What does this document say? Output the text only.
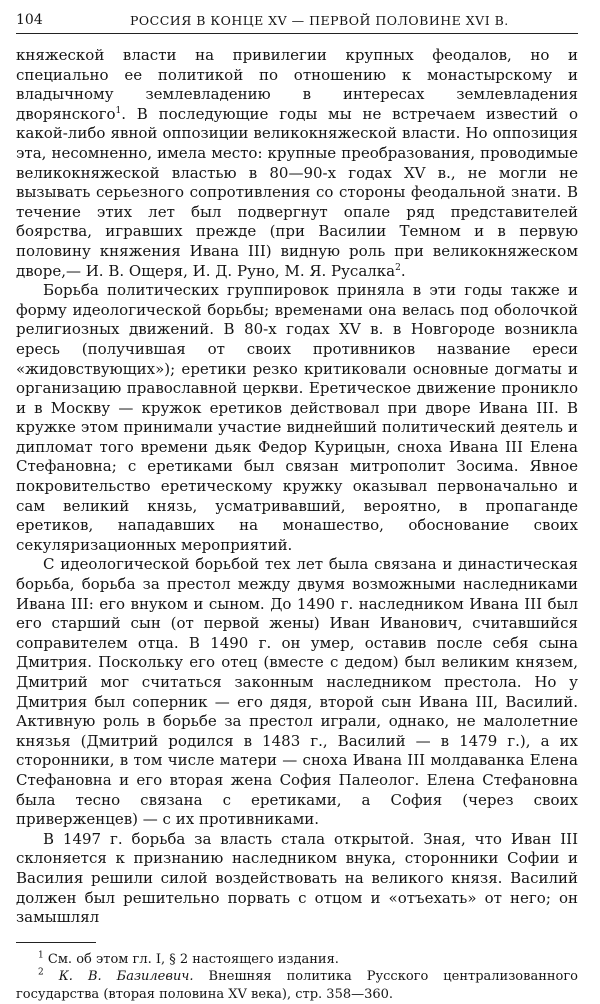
104	РОССИЯ В КОНЦЕ XV — ПЕРВОЙ ПОЛОВИНЕ XVI В.

княжеской власти на привилегии крупных феодалов, но и специально ее политикой по отношению к монастырскому и владычному землевладению в интересах землевладения дворянского$^1$. В последующие годы мы не встречаем известий о какой-либо явной оппозиции великокняжеской власти. Но оппозиция эта, несомненно, имела место: крупные преобразования, проводимые великокняжеской властью в 80—90-х годах XV в., не могли не вызывать серьезного сопротивления со стороны феодальной знати. В течение этих лет был подвергнут опале ряд представителей боярства, игравших прежде (при Василии Темном и в первую половину княжения Ивана III) видную роль при великокняжеском дворе,— И. В. Ощеря, И. Д. Руно, М. Я. Русалка$^2$.

Борьба политических группировок приняла в эти годы также и форму идеологической борьбы; временами она велась под оболочкой религиозных движений. В 80-х годах XV в. в Новгороде возникла ересь (получившая от своих противников название ереси «жидовствующих»); еретики резко критиковали основные догматы и организацию православной церкви. Еретическое движение проникло и в Москву — кружок еретиков действовал при дворе Ивана III. В кружке этом принимали участие виднейший политический деятель и дипломат того времени дьяк Федор Курицын, сноха Ивана III Елена Стефановна; с еретиками был связан митрополит Зосима. Явное покровительство еретическому кружку оказывал первоначально и сам великий князь, усматривавший, вероятно, в пропаганде еретиков, нападавших на монашество, обоснование своих секуляризационных мероприятий.

С идеологической борьбой тех лет была связана и династическая борьба, борьба за престол между двумя возможными наследниками Ивана III: его внуком и сыном. До 1490 г. наследником Ивана III был его старший сын (от первой жены) Иван Иванович, считавшийся соправителем отца. В 1490 г. он умер, оставив после себя сына Дмитрия. Поскольку его отец (вместе с дедом) был великим князем, Дмитрий мог считаться законным наследником престола. Но у Дмитрия был соперник — его дядя, второй сын Ивана III, Василий. Активную роль в борьбе за престол играли, однако, не малолетние князья (Дмитрий родился в 1483 г., Василий — в 1479 г.), а их сторонники, в том числе матери — сноха Ивана III молдаванка Елена Стефановна и его вторая жена София Палеолог. Елена Стефановна была тесно связана с еретиками, а София (через своих приверженцев) — с их противниками.

В 1497 г. борьба за власть стала открытой. Зная, что Иван III склоняется к признанию наследником внука, сторонники Софии и Василия решили силой воздействовать на великого князя. Василий должен был решительно порвать с отцом и «отъехать» от него; он замышлял

$^1$ См. об этом гл. I, § 2 настоящего издания.

$^2$ К. В. Базилевич. Внешняя политика Русского централизованного государства (вторая половина XV века), стр. 358—360.
